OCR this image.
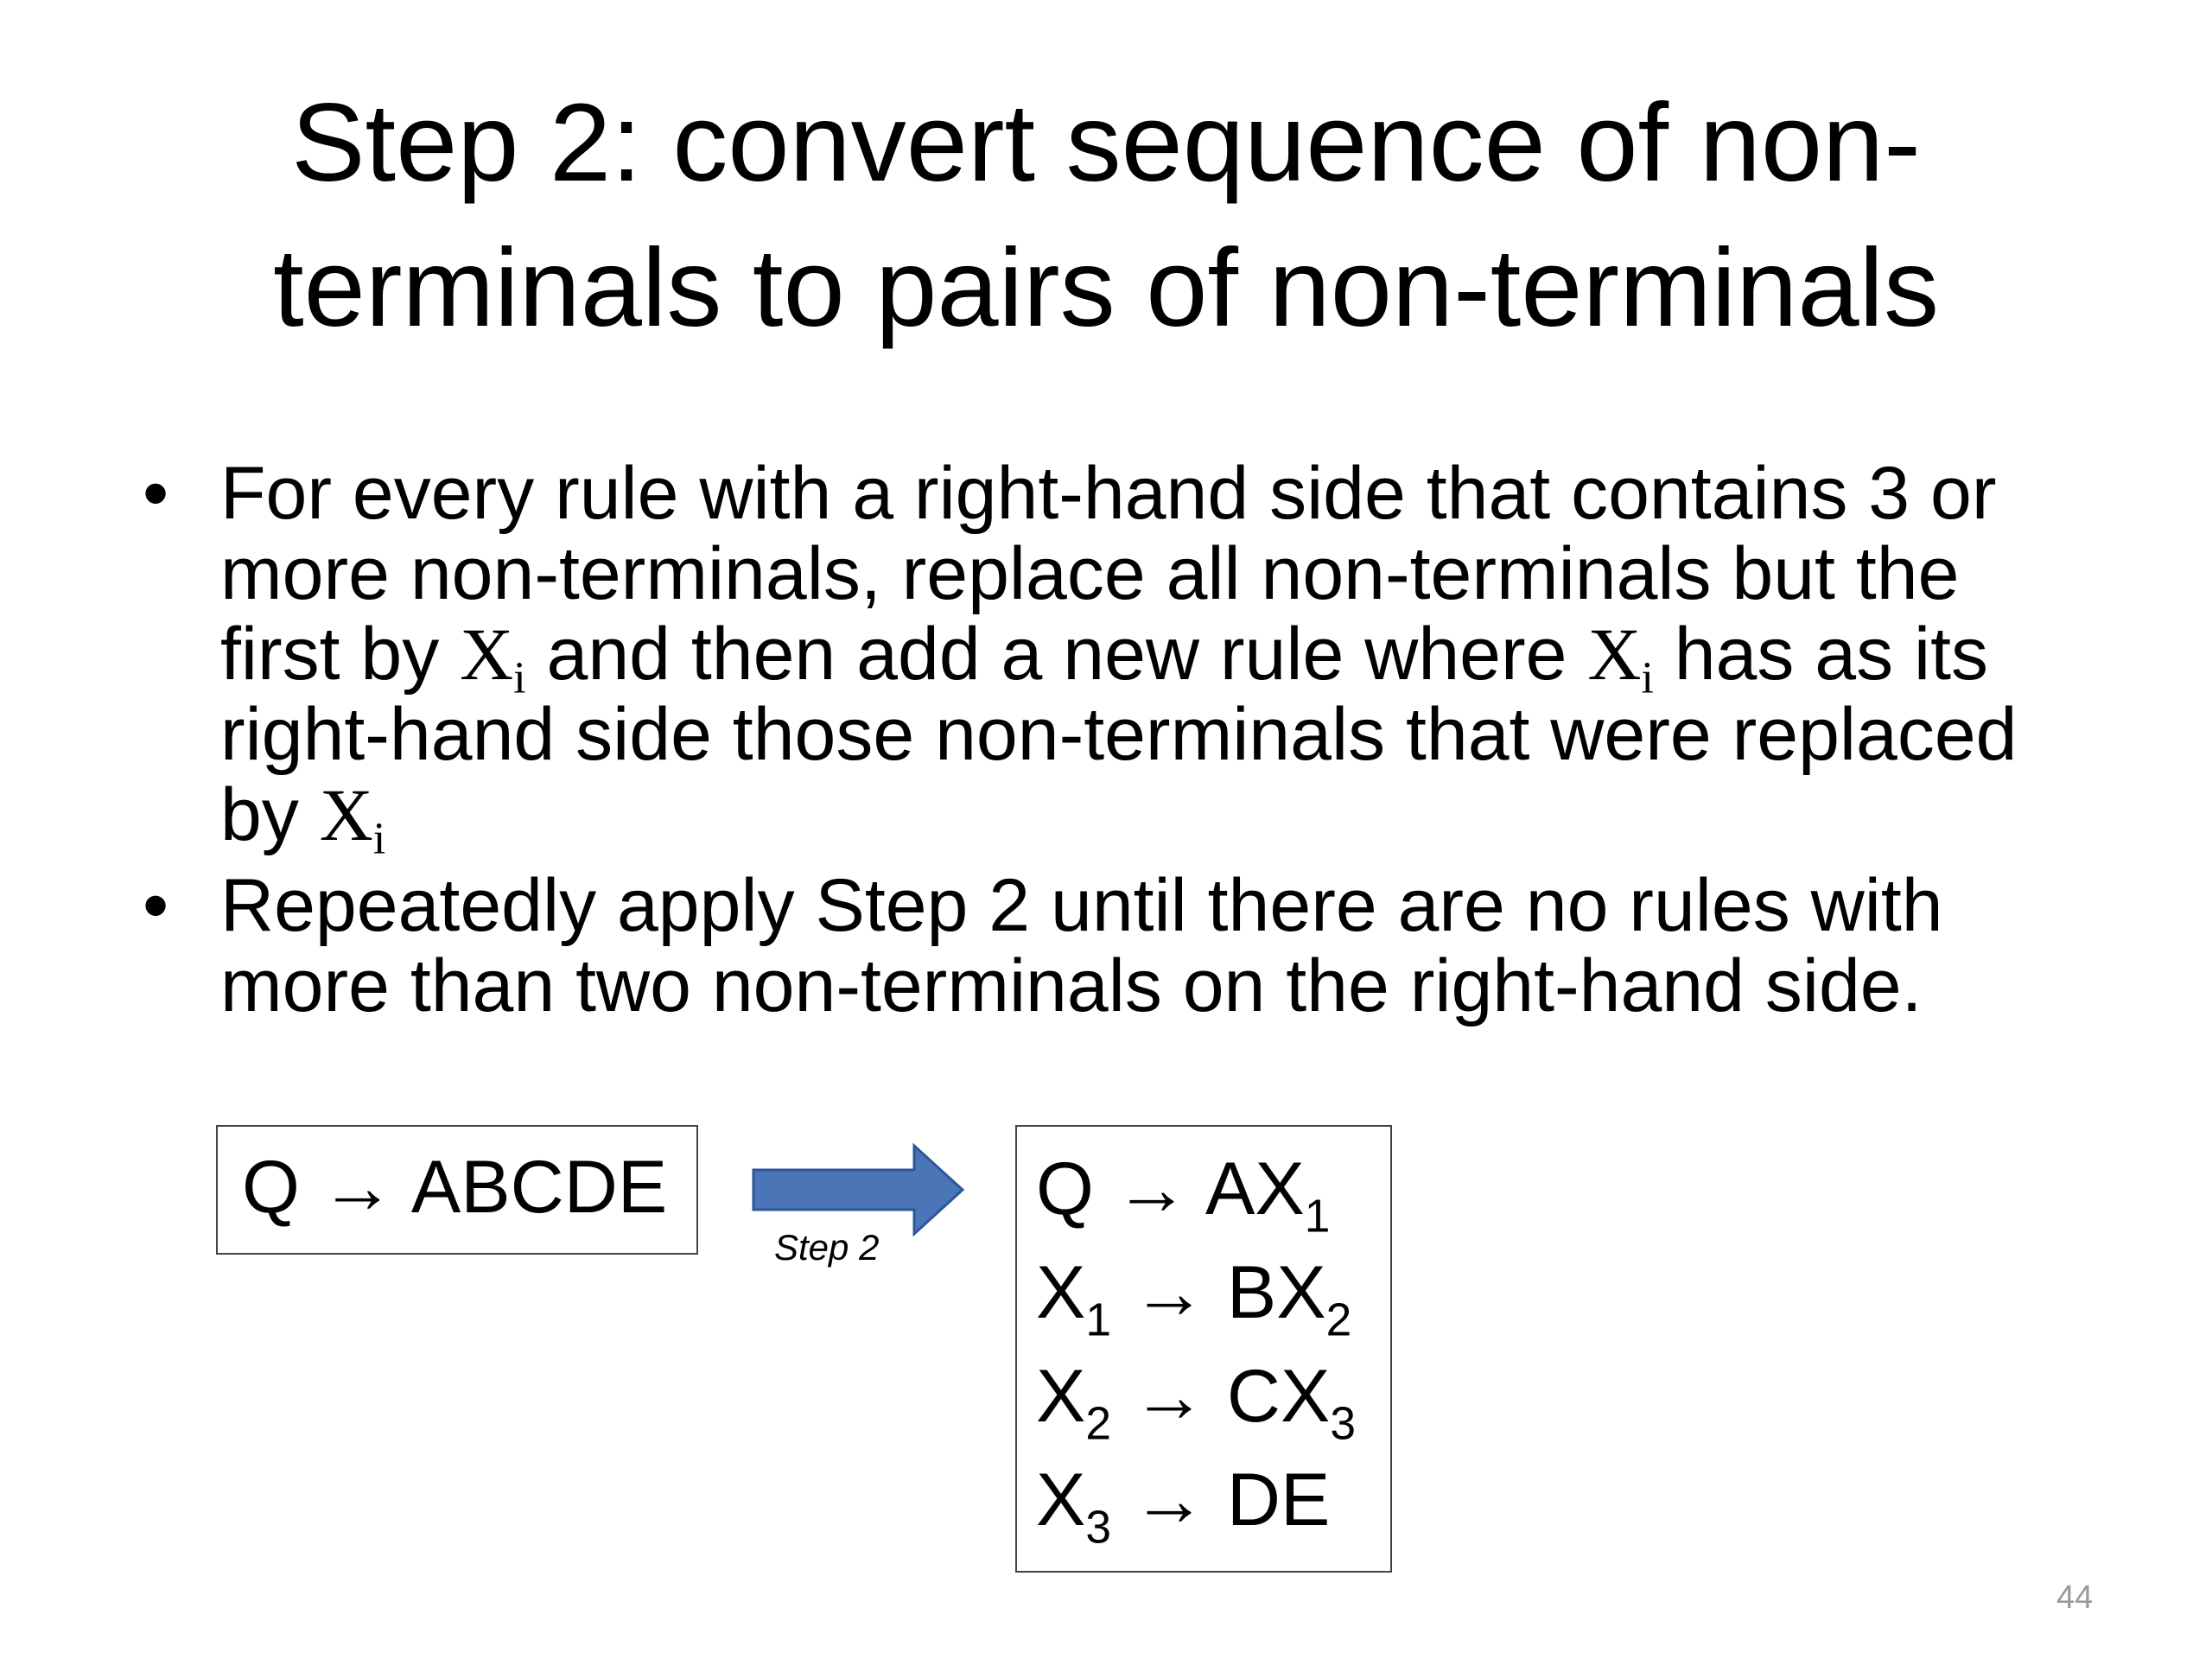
Step 2: convert sequence of non-
terminals to pairs of non-terminals
• For every rule with a right-hand side that contains 3 or
more non-terminals, replace all non-terminals but the
first by $X_i$ and then add a new rule where $X_i$ has as its
right-hand side those non-terminals that were replaced
by $X_i$
• Repeatedly apply Step 2 until there are no rules with
more than two non-terminals on the right-hand side.
Q → ABCDE
Step 2
$Q \to AX_1$
$X_1 \to BX_2$
$X_2 \to CX_3$
$X_3$ → DE
44
